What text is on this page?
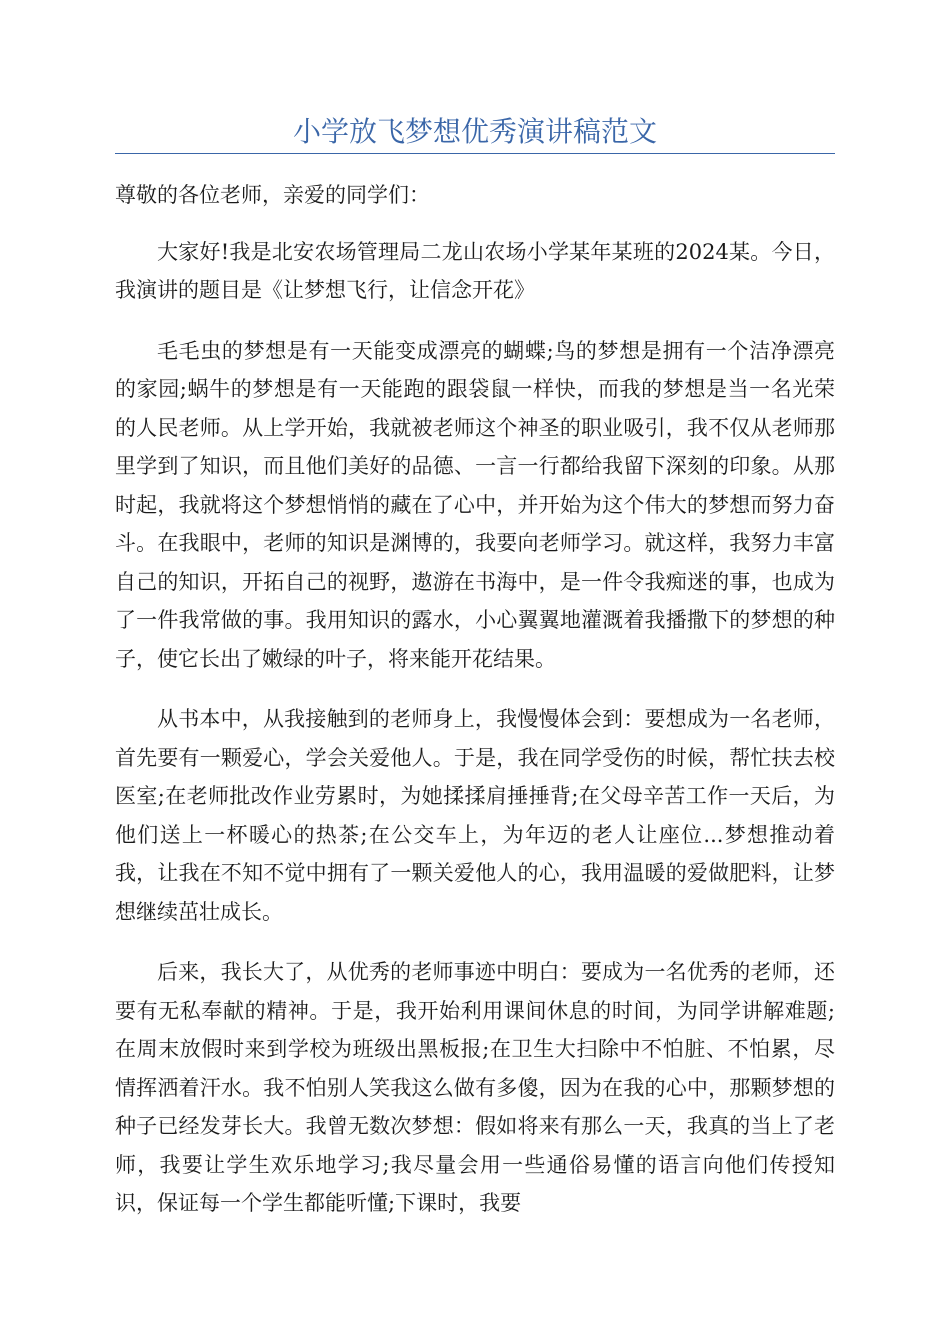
小学放飞梦想优秀演讲稿范文

尊敬的各位老师，亲爱的同学们：

大家好!我是北安农场管理局二龙山农场小学某年某班的2024某。今日，我演讲的题目是《让梦想飞行，让信念开花》

毛毛虫的梦想是有一天能变成漂亮的蝴蝶;鸟的梦想是拥有一个洁净漂亮的家园;蜗牛的梦想是有一天能跑的跟袋鼠一样快，而我的梦想是当一名光荣的人民老师。从上学开始，我就被老师这个神圣的职业吸引，我不仅从老师那里学到了知识，而且他们美好的品德、一言一行都给我留下深刻的印象。从那时起，我就将这个梦想悄悄的藏在了心中，并开始为这个伟大的梦想而努力奋斗。在我眼中，老师的知识是渊博的，我要向老师学习。就这样，我努力丰富自己的知识，开拓自己的视野，遨游在书海中，是一件令我痴迷的事，也成为了一件我常做的事。我用知识的露水，小心翼翼地灌溉着我播撒下的梦想的种子，使它长出了嫩绿的叶子，将来能开花结果。

从书本中，从我接触到的老师身上，我慢慢体会到：要想成为一名老师，首先要有一颗爱心，学会关爱他人。于是，我在同学受伤的时候，帮忙扶去校医室;在老师批改作业劳累时，为她揉揉肩捶捶背;在父母辛苦工作一天后，为他们送上一杯暖心的热茶;在公交车上，为年迈的老人让座位...梦想推动着我，让我在不知不觉中拥有了一颗关爱他人的心，我用温暖的爱做肥料，让梦想继续茁壮成长。

后来，我长大了，从优秀的老师事迹中明白：要成为一名优秀的老师，还要有无私奉献的精神。于是，我开始利用课间休息的时间，为同学讲解难题;在周末放假时来到学校为班级出黑板报;在卫生大扫除中不怕脏、不怕累，尽情挥洒着汗水。我不怕别人笑我这么做有多傻，因为在我的心中，那颗梦想的种子已经发芽长大。我曾无数次梦想：假如将来有那么一天，我真的当上了老师，我要让学生欢乐地学习;我尽量会用一些通俗易懂的语言向他们传授知识，保证每一个学生都能听懂;下课时，我要
